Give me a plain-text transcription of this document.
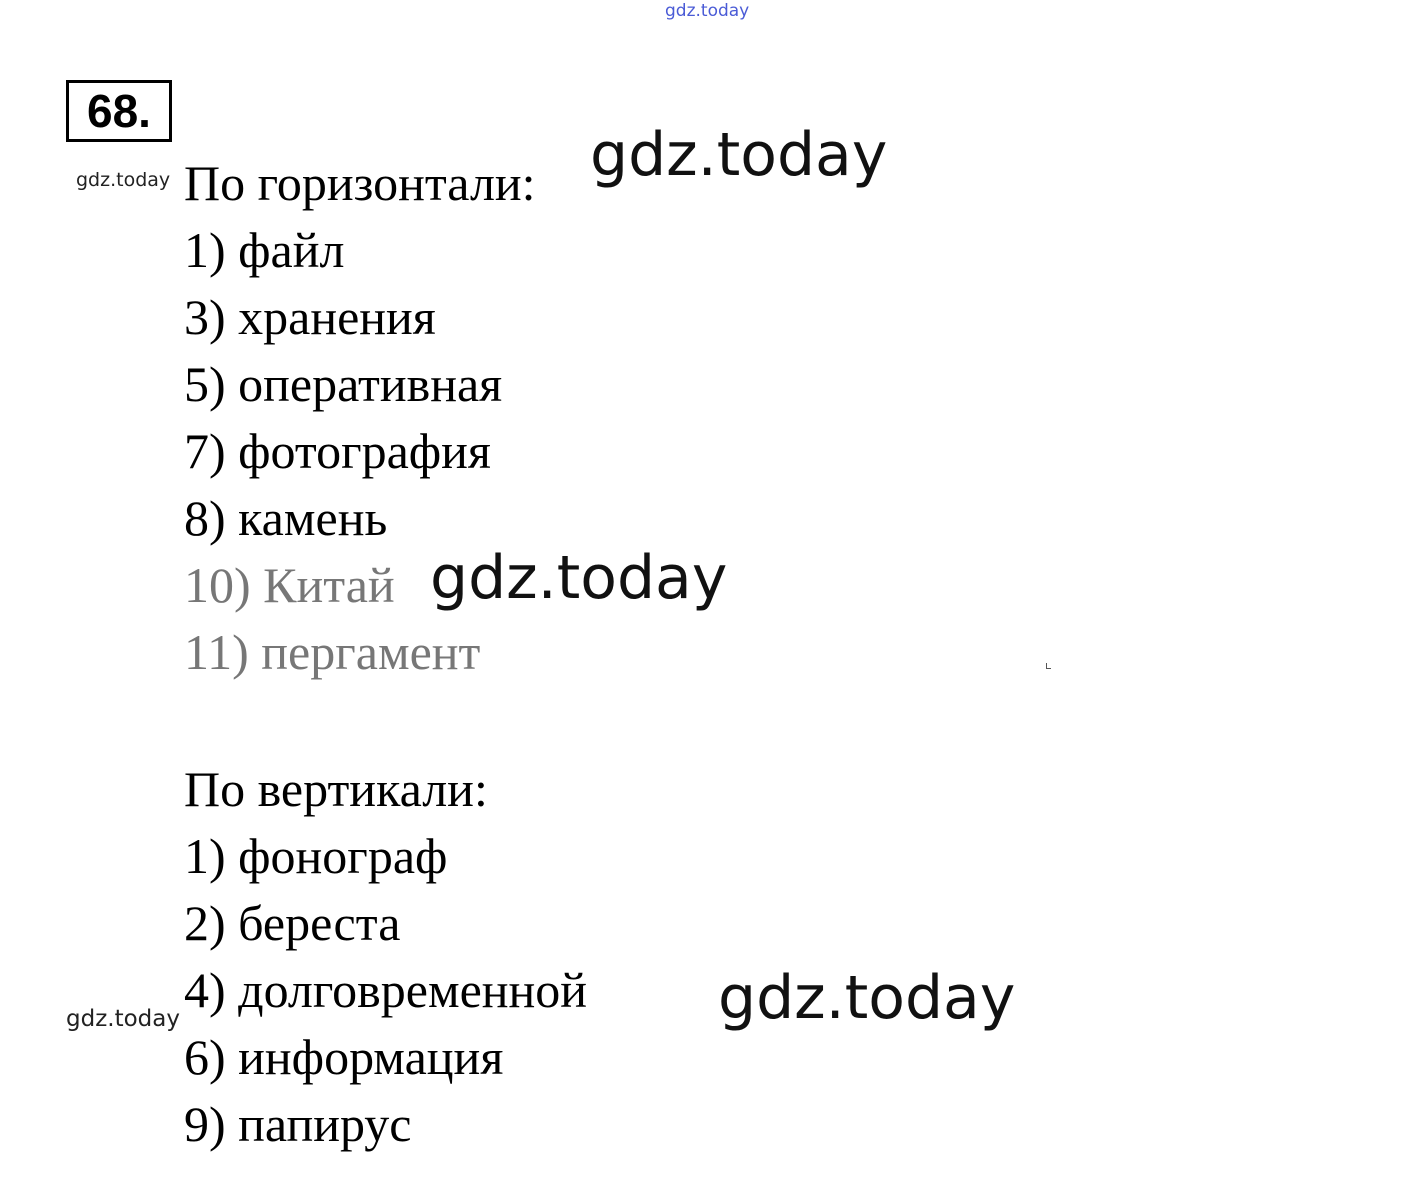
gdz.today
68.
gdz.today По горизонтали:
1) файл
3) хранения
5) оперативная
7) фотография
8) камень
10) Китай
11) пергамент
По вертикали:
1) фонограф
2) береста
4) долговременной
6) информация
9) папирус
gdz.today
gdz.today
gdz.today
gdz.today
